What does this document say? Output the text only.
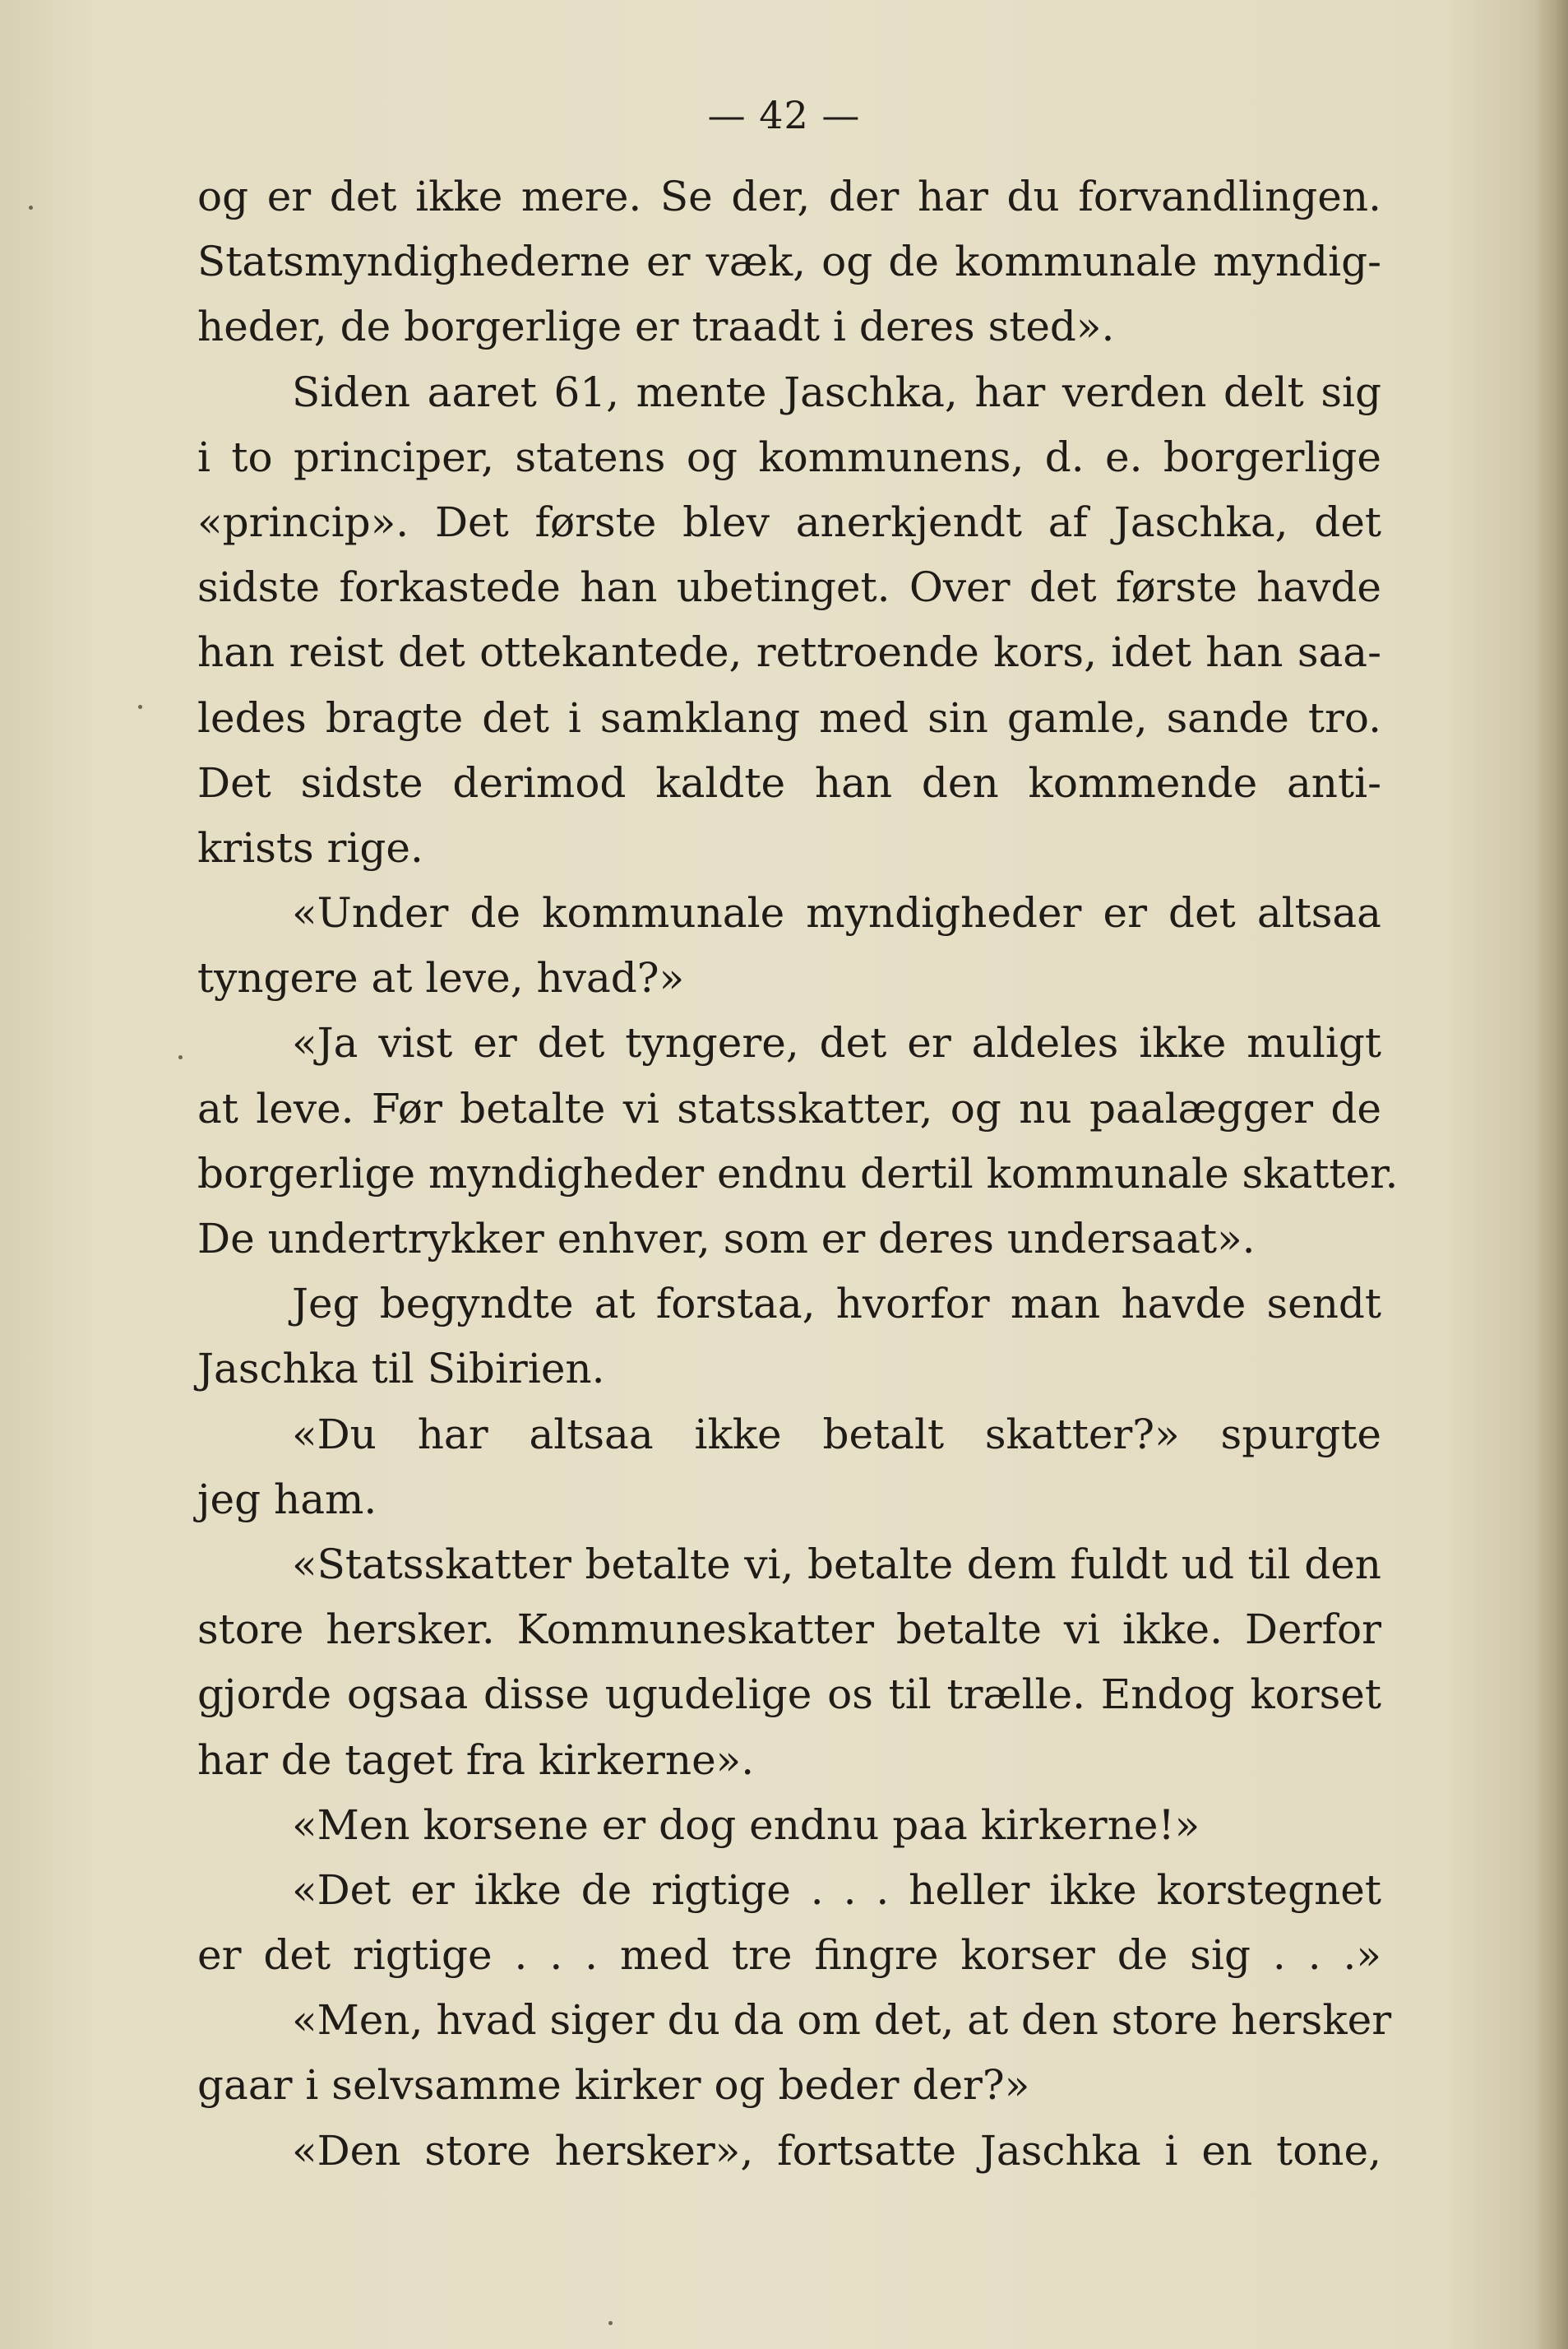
— 42 —
og er det ikke mere. Se der, der har du forvandlingen.
Statsmyndighederne er væk, og de kommunale myndig-
heder, de borgerlige er traadt i deres sted».
Siden aaret 61, mente Jaschka, har verden delt sig
i to principer, statens og kommunens, d. e. borgerlige
«princip». Det første blev anerkjendt af Jaschka, det
sidste forkastede han ubetinget. Over det første havde
han reist det ottekantede, rettroende kors, idet han saa-
ledes bragte det i samklang med sin gamle, sande tro.
Det sidste derimod kaldte han den kommende anti-
krists rige.
«Under de kommunale myndigheder er det altsaa
tyngere at leve, hvad?»
«Ja vist er det tyngere, det er aldeles ikke muligt
at leve. Før betalte vi statsskatter, og nu paalægger de
borgerlige myndigheder endnu dertil kommunale skatter.
De undertrykker enhver, som er deres undersaat».
Jeg begyndte at forstaa, hvorfor man havde sendt
Jaschka til Sibirien.
«Du har altsaa ikke betalt skatter?» spurgte
jeg ham.
«Statsskatter betalte vi, betalte dem fuldt ud til den
store hersker. Kommuneskatter betalte vi ikke. Derfor
gjorde ogsaa disse ugudelige os til trælle. Endog korset
har de taget fra kirkerne».
«Men korsene er dog endnu paa kirkerne!»
«Det er ikke de rigtige . . . heller ikke korstegnet
er det rigtige . . . med tre fingre korser de sig . . .»
«Men, hvad siger du da om det, at den store hersker
gaar i selvsamme kirker og beder der?»
«Den store hersker», fortsatte Jaschka i en tone,
